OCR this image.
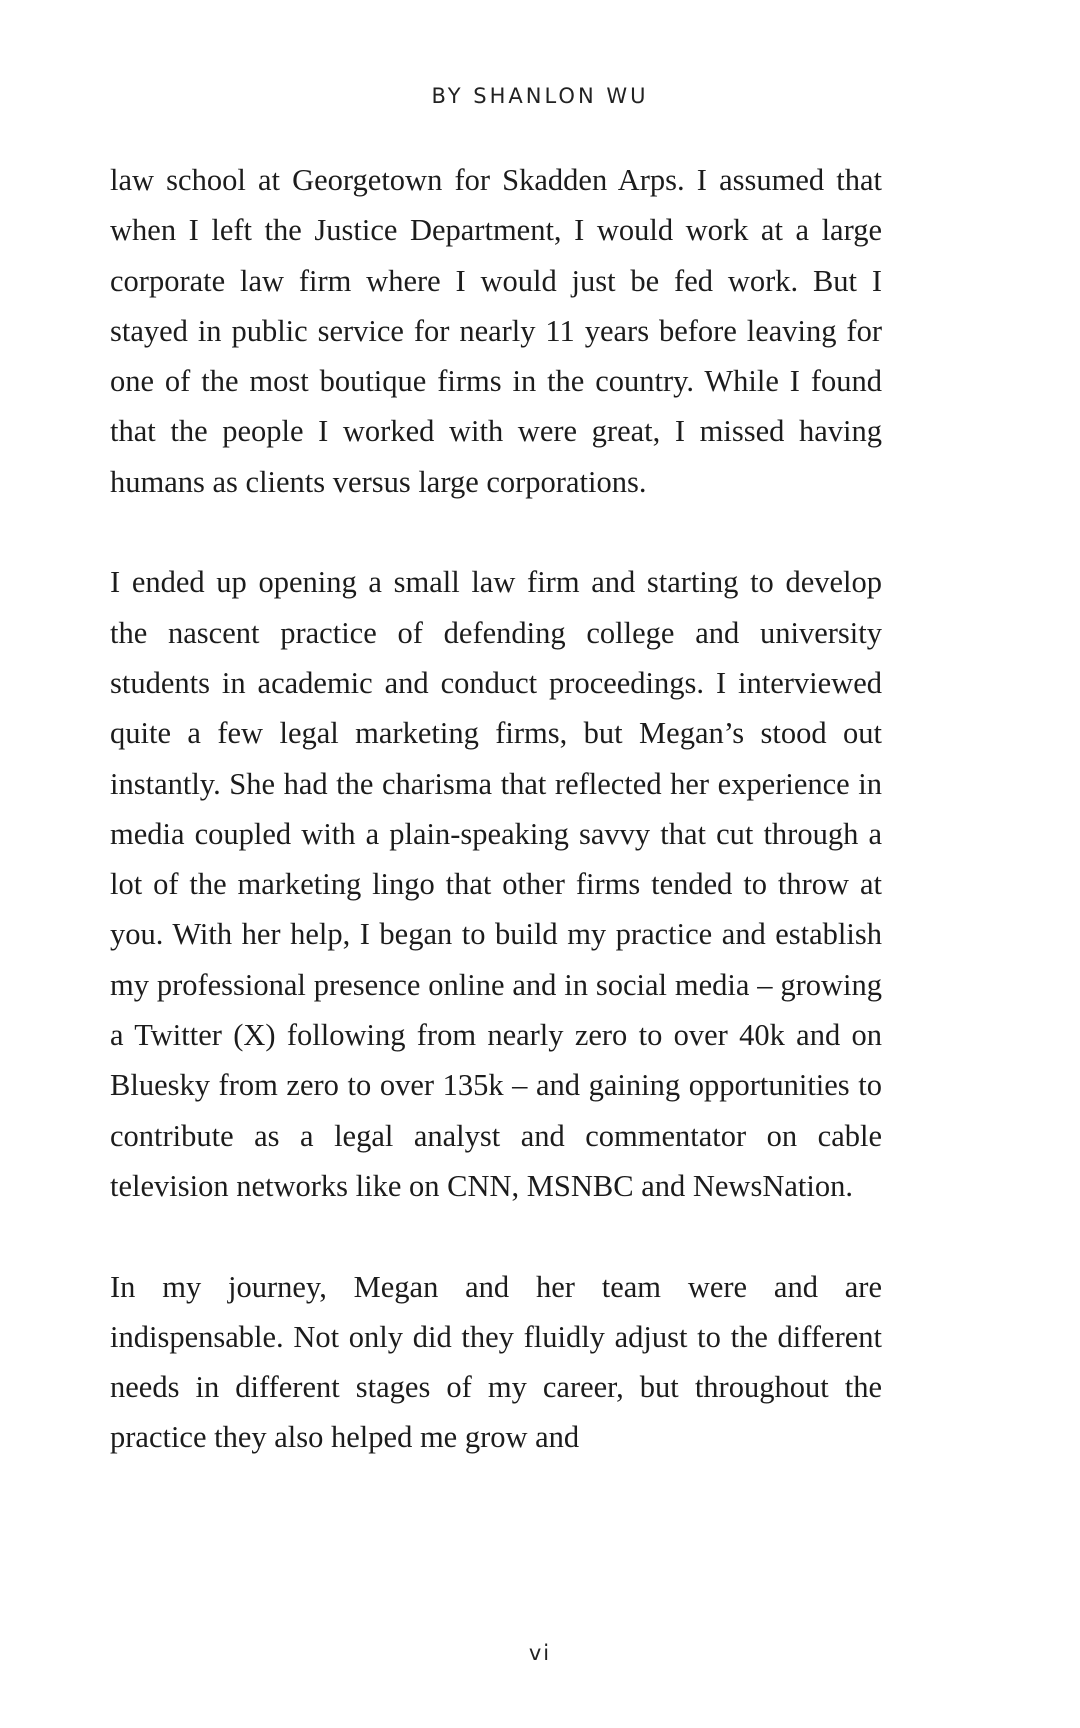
BY SHANLON WU

law school at Georgetown for Skadden Arps. I assumed that when I left the Justice Department, I would work at a large corporate law firm where I would just be fed work. But I stayed in public service for nearly 11 years before leaving for one of the most boutique firms in the country. While I found that the people I worked with were great, I missed having humans as clients versus large corporations.

I ended up opening a small law firm and starting to develop the nascent practice of defending college and university students in academic and conduct proceedings. I interviewed quite a few legal marketing firms, but Megan’s stood out instantly. She had the charisma that reflected her experience in media coupled with a plain-speaking savvy that cut through a lot of the marketing lingo that other firms tended to throw at you. With her help, I began to build my practice and establish my professional presence online and in social media – growing a Twitter (X) following from nearly zero to over 40k and on Bluesky from zero to over 135k – and gaining opportunities to contribute as a legal analyst and commentator on cable television networks like on CNN, MSNBC and NewsNation.

In my journey, Megan and her team were and are indispensable. Not only did they fluidly adjust to the different needs in different stages of my career, but throughout the practice they also helped me grow and

vi
